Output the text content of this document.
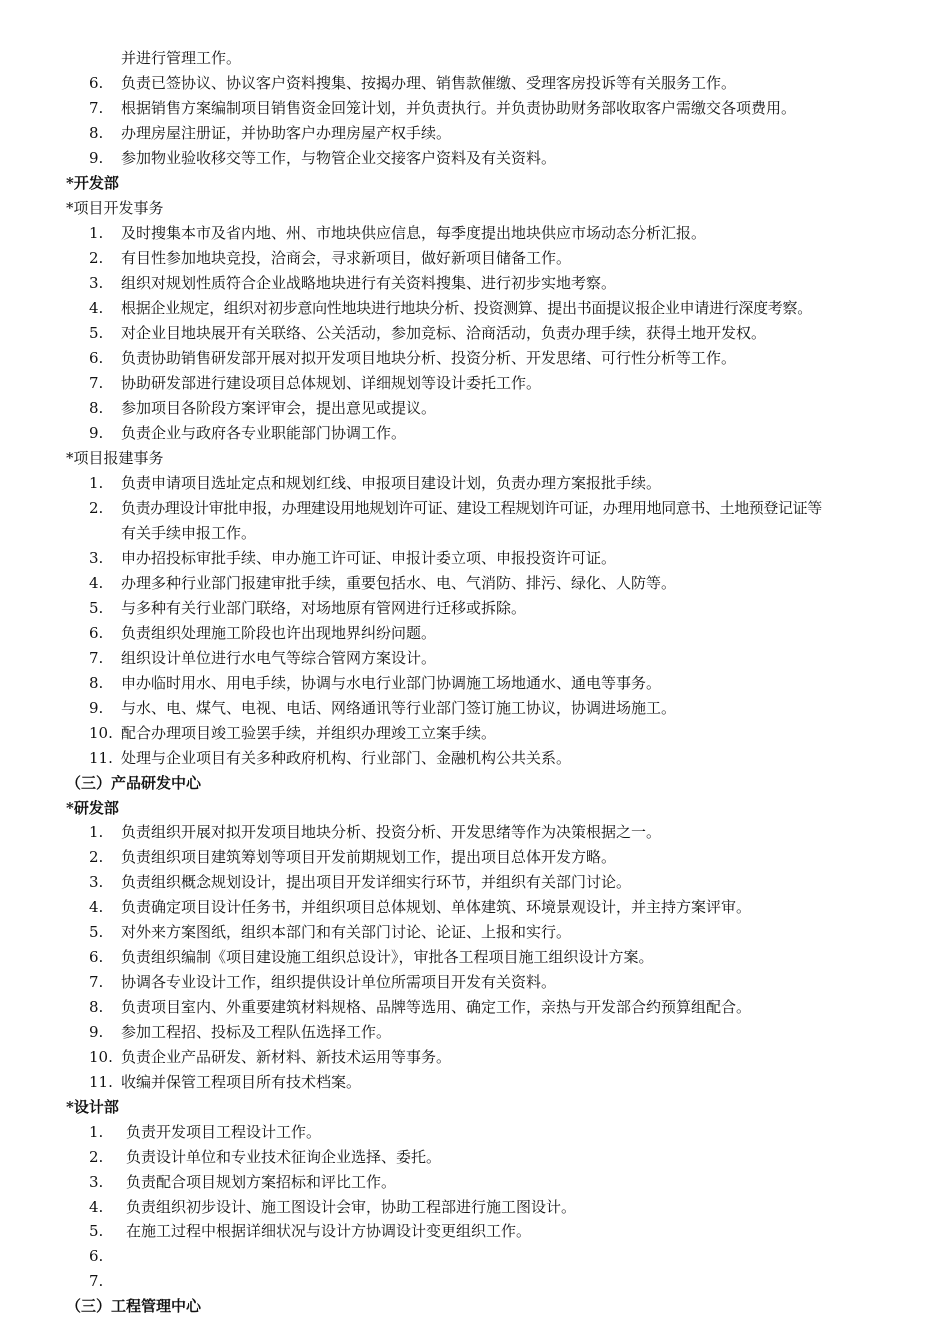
并进行管理工作。
6.	负责已签协议、协议客户资料搜集、按揭办理、销售款催缴、受理客房投诉等有关服务工作。
7.	根据销售方案编制项目销售资金回笼计划，并负责执行。并负责协助财务部收取客户需缴交各项费用。
8.	办理房屋注册证，并协助客户办理房屋产权手续。
9.	参加物业验收移交等工作，与物管企业交接客户资料及有关资料。
*开发部
*项目开发事务
1.	及时搜集本市及省内地、州、市地块供应信息，每季度提出地块供应市场动态分析汇报。
2.	有目性参加地块竞投，洽商会，寻求新项目，做好新项目储备工作。
3.	组织对规划性质符合企业战略地块进行有关资料搜集、进行初步实地考察。
4.	根据企业规定，组织对初步意向性地块进行地块分析、投资测算、提出书面提议报企业申请进行深度考察。
5.	对企业目地块展开有关联络、公关活动，参加竞标、洽商活动，负责办理手续，获得土地开发权。
6.	负责协助销售研发部开展对拟开发项目地块分析、投资分析、开发思绪、可行性分析等工作。
7.	协助研发部进行建设项目总体规划、详细规划等设计委托工作。
8.	参加项目各阶段方案评审会，提出意见或提议。
9.	负责企业与政府各专业职能部门协调工作。
*项目报建事务
1.	负责申请项目选址定点和规划红线、申报项目建设计划，负责办理方案报批手续。
2.	负责办理设计审批申报，办理建设用地规划许可证、建设工程规划许可证，办理用地同意书、土地预登记证等
有关手续申报工作。
3.	申办招投标审批手续、申办施工许可证、申报计委立项、申报投资许可证。
4.	办理多种行业部门报建审批手续，重要包括水、电、气消防、排污、绿化、人防等。
5.	与多种有关行业部门联络，对场地原有管网进行迁移或拆除。
6.	负责组织处理施工阶段也许出现地界纠纷问题。
7.	组织设计单位进行水电气等综合管网方案设计。
8.	申办临时用水、用电手续，协调与水电行业部门协调施工场地通水、通电等事务。
9.	与水、电、煤气、电视、电话、网络通讯等行业部门签订施工协议，协调进场施工。
10. 配合办理项目竣工验罢手续，并组织办理竣工立案手续。
11. 处理与企业项目有关多种政府机构、行业部门、金融机构公共关系。
（三）产品研发中心
*研发部
1.	负责组织开展对拟开发项目地块分析、投资分析、开发思绪等作为决策根据之一。
2.	负责组织项目建筑筹划等项目开发前期规划工作，提出项目总体开发方略。
3.	负责组织概念规划设计，提出项目开发详细实行环节，并组织有关部门讨论。
4.	负责确定项目设计任务书，并组织项目总体规划、单体建筑、环境景观设计，并主持方案评审。
5.	对外来方案图纸，组织本部门和有关部门讨论、论证、上报和实行。
6.	负责组织编制《项目建设施工组织总设计》，审批各工程项目施工组织设计方案。
7.	协调各专业设计工作，组织提供设计单位所需项目开发有关资料。
8.	负责项目室内、外重要建筑材料规格、品牌等选用、确定工作，亲热与开发部合约预算组配合。
9.	参加工程招、投标及工程队伍选择工作。
10. 负责企业产品研发、新材料、新技术运用等事务。
11. 收编并保管工程项目所有技术档案。
*设计部
1.	负责开发项目工程设计工作。
2.	负责设计单位和专业技术征询企业选择、委托。
3.	负责配合项目规划方案招标和评比工作。
4.	负责组织初步设计、施工图设计会审，协助工程部进行施工图设计。
5.	在施工过程中根据详细状况与设计方协调设计变更组织工作。
6.
7.
（三）工程管理中心
